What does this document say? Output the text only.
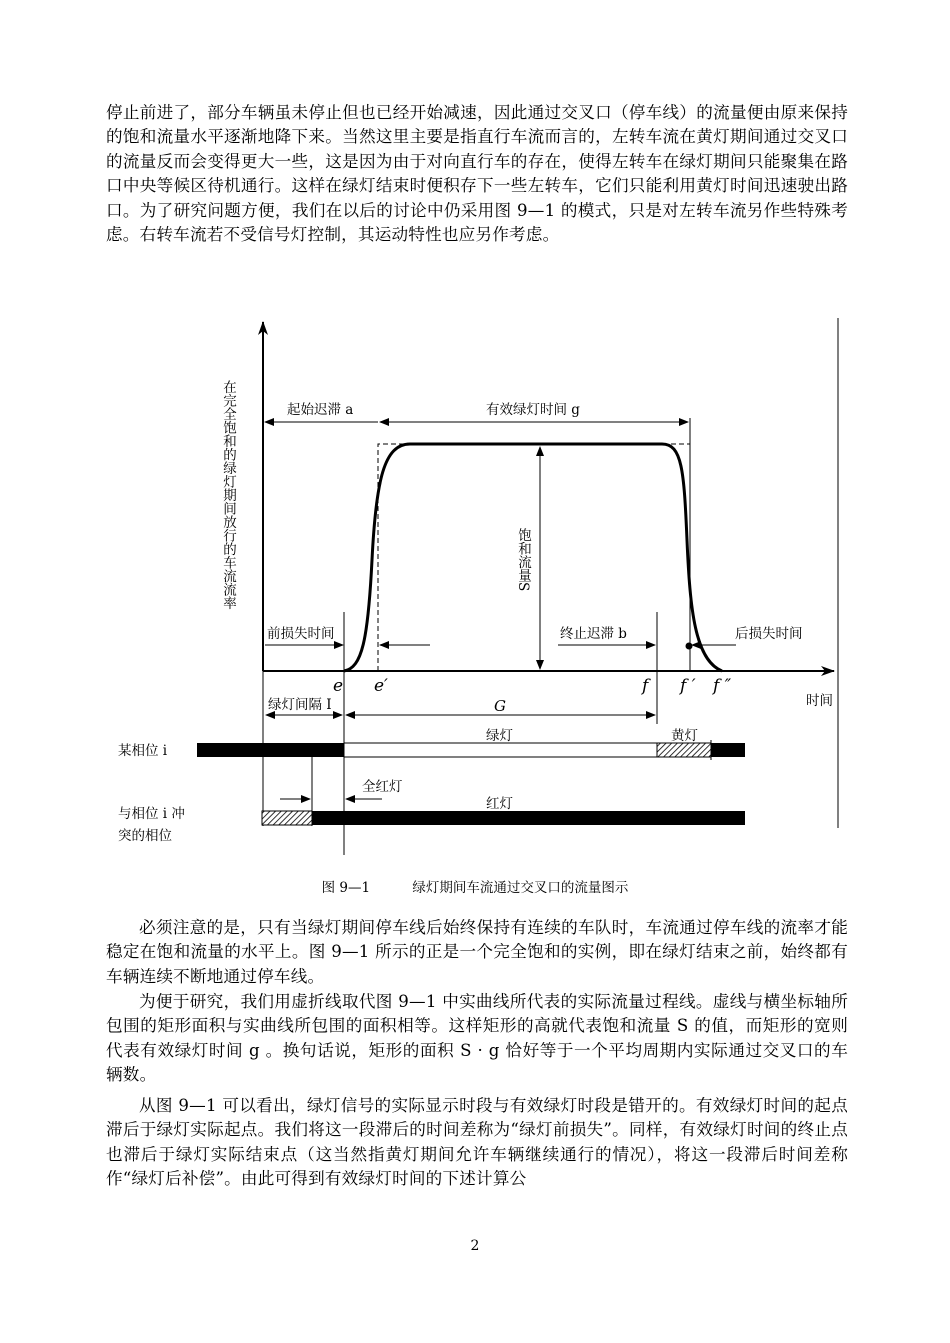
停止前进了，部分车辆虽未停止但也已经开始减速，因此通过交叉口（停车线）的流量便由原来保持的饱和流量水平逐渐地降下来。当然这里主要是指直行车流而言的，左转车流在黄灯期间通过交叉口的流量反而会变得更大一些，这是因为由于对向直行车的存在，使得左转车在绿灯期间只能聚集在路口中央等候区待机通行。这样在绿灯结束时便积存下一些左转车，它们只能利用黄灯时间迅速驶出路口。为了研究问题方便，我们在以后的讨论中仍采用图 9—1 的模式，只是对左转车流另作些特殊考虑。右转车流若不受信号灯控制，其运动特性也应另作考虑。

在完全饱和的绿灯期间放行的车流流率	起始迟滞 a	有效绿灯时间 g
饱和流量S
前损失时间	终止迟滞 b	后损失时间
e e′	f f ′ f ″
时间
绿灯间隔 I	G
某相位 i
绿灯	黄灯
全红灯
与相位 i 冲
突的相位
红灯
图 9—1	绿灯期间车流通过交叉口的流量图示

必须注意的是，只有当绿灯期间停车线后始终保持有连续的车队时，车流通过停车线的流率才能稳定在饱和流量的水平上。图 9—1 所示的正是一个完全饱和的实例，即在绿灯结束之前，始终都有车辆连续不断地通过停车线。

为便于研究，我们用虚折线取代图 9—1 中实曲线所代表的实际流量过程线。虚线与横坐标轴所包围的矩形面积与实曲线所包围的面积相等。这样矩形的高就代表饱和流量 S 的值，而矩形的宽则代表有效绿灯时间 g 。换句话说，矩形的面积 S · g 恰好等于一个平均周期内实际通过交叉口的车辆数。

从图 9—1 可以看出，绿灯信号的实际显示时段与有效绿灯时段是错开的。有效绿灯时间的起点滞后于绿灯实际起点。我们将这一段滞后的时间差称为“绿灯前损失”。同样，有效绿灯时间的终止点也滞后于绿灯实际结束点（这当然指黄灯期间允许车辆继续通行的情况），将这一段滞后时间差称作“绿灯后补偿”。由此可得到有效绿灯时间的下述计算公

2
